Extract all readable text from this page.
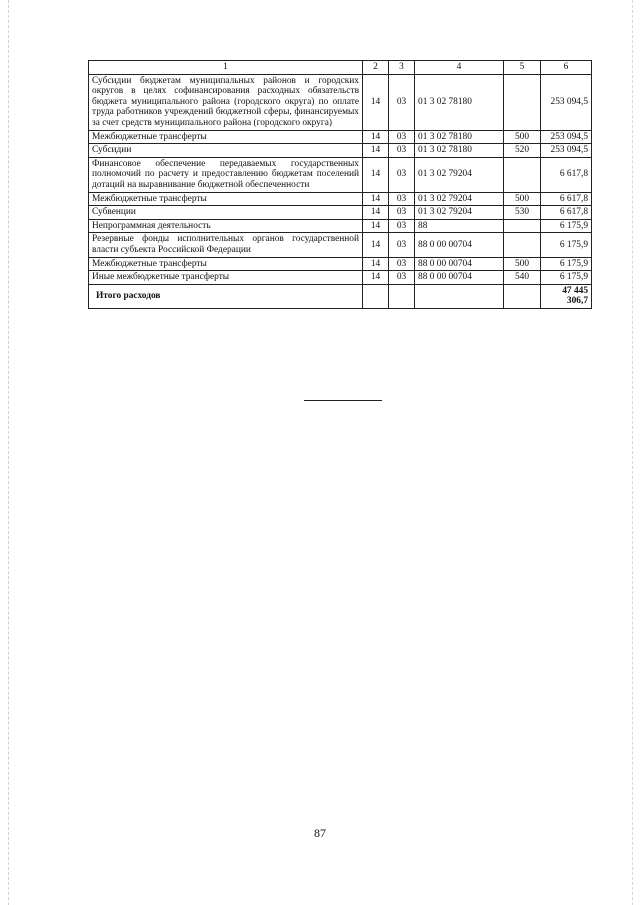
1	2	3	4	5	6
Субсидии бюджетам муниципальных районов и городских округов в целях софинансирования расходных обязательств бюджета муниципального района (городского округа) по оплате труда работников учреждений бюджетной сферы, финансируемых за счет средств муниципального района (городского округа)	14	03	01 3 02 78180		253 094,5
Межбюджетные трансферты	14	03	01 3 02 78180	500	253 094,5
Субсидии	14	03	01 3 02 78180	520	253 094,5
Финансовое обеспечение передаваемых государственных полномочий по расчету и предоставлению бюджетам поселений дотаций на выравнивание бюджетной обеспеченности	14	03	01 3 02 79204		6 617,8
Межбюджетные трансферты	14	03	01 3 02 79204	500	6 617,8
Субвенции	14	03	01 3 02 79204	530	6 617,8
Непрограммная деятельность	14	03	88		6 175,9
Резервные фонды исполнительных органов государственной власти субъекта Российской Федерации	14	03	88 0 00 00704		6 175,9
Межбюджетные трансферты	14	03	88 0 00 00704	500	6 175,9
Иные межбюджетные трансферты	14	03	88 0 00 00704	540	6 175,9
Итого расходов					47 445 306,7
87
